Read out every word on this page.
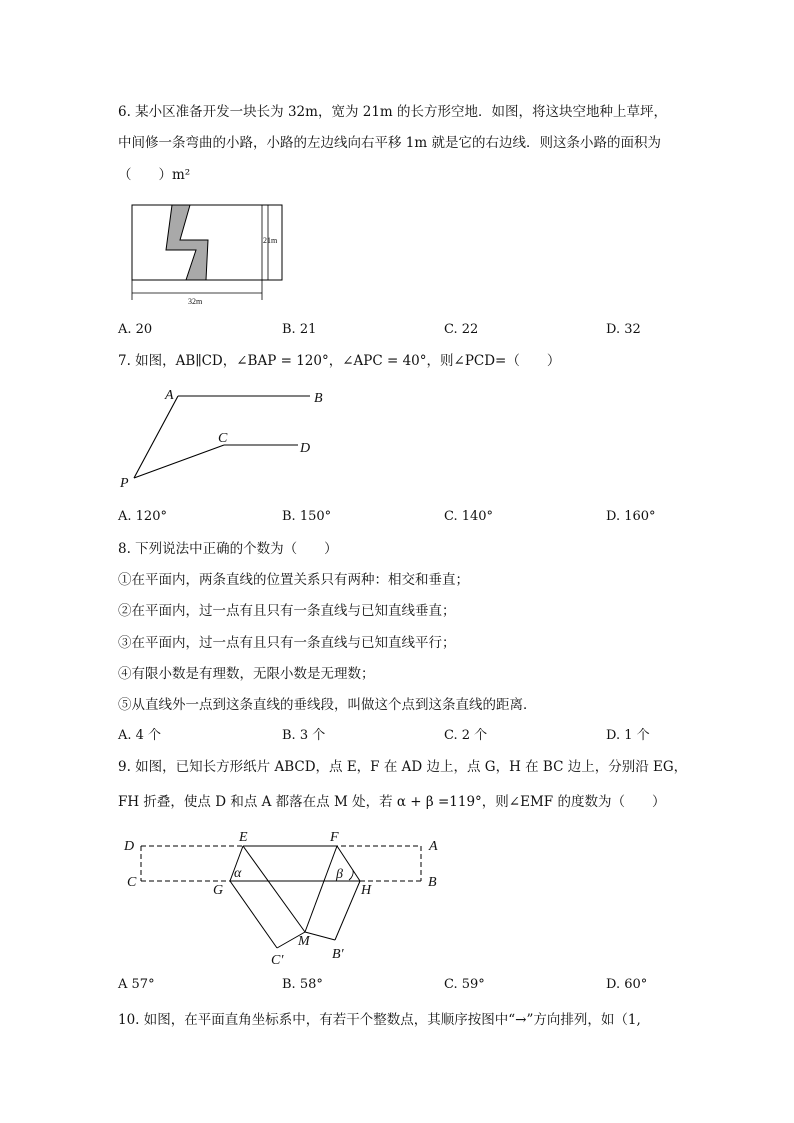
6. 某小区准备开发一块长为 32m，宽为 21m 的长方形空地．如图，将这块空地种上草坪，
中间修一条弯曲的小路，小路的左边线向右平移 1m 就是它的右边线．则这条小路的面积为
（　　）m²
32m
21m
A. 20	B. 21	C. 22	D. 32
7. 如图，AB∥CD，∠BAP = 120°，∠APC = 40°，则∠PCD=（　　）
A	B
C
D
P
A. 120°	B. 150°	C. 140°	D. 160°
8. 下列说法中正确的个数为（　　）
①在平面内，两条直线的位置关系只有两种：相交和垂直；
②在平面内，过一点有且只有一条直线与已知直线垂直；
③在平面内，过一点有且只有一条直线与已知直线平行；
④有限小数是有理数，无限小数是无理数；
⑤从直线外一点到这条直线的垂线段，叫做这个点到这条直线的距离．
A. 4 个	B. 3 个	C. 2 个	D. 1 个
9. 如图，已知长方形纸片 ABCD，点 E，F 在 AD 边上，点 G，H 在 BC 边上，分别沿 EG，
FH 折叠，使点 D 和点 A 都落在点 M 处，若 α + β =119°，则∠EMF 的度数为（　　）
D
E	F
A
C
G	H
B
M
C′	B′
α	β
A 57°	B. 58°	C. 59°	D. 60°
10. 如图，在平面直角坐标系中，有若干个整数点，其顺序按图中“→”方向排列，如（1,
